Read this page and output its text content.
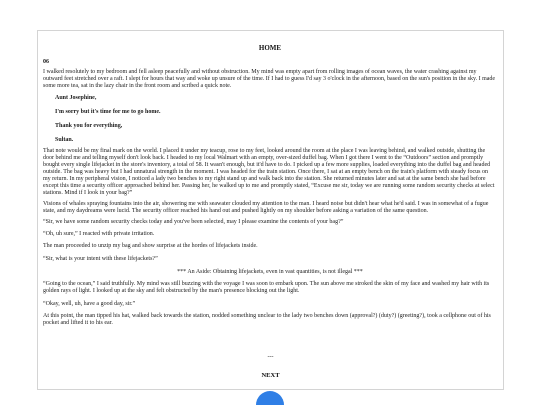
HOME
06

I walked resolutely to my bedroom and fell asleep peacefully and without obstruction. My mind was empty apart from rolling images of ocean waves, the water crashing against my outward feet stretched over a raft. I slept for hours that way and woke up unsure of the time. If I had to guess I'd say 3 o'clock in the afternoon, based on the sun's position in the sky. I made some more tea, sat in the lazy chair in the front room and scribed a quick note.

Aunt Josephine,

I'm sorry but it's time for me to go home.

Thank you for everything,

Sultan.

That note would be my final mark on the world. I placed it under my teacup, rose to my feet, looked around the room at the place I was leaving behind, and walked outside, shutting the door behind me and telling myself don't look back. I headed to my local Walmart with an empty, over-sized duffel bag. When I got there I went to the “Outdoors” section and promptly bought every single lifejacket in the store's inventory, a total of 58. It wasn't enough, but it'd have to do. I picked up a few more supplies, loaded everything into the duffel bag and headed outside. The bag was heavy but I had unnatural strength in the moment. I was headed for the train station. Once there, I sat at an empty bench on the train's platform with steady focus on my return. In my peripheral vision, I noticed a lady two benches to my right stand up and walk back into the station. She returned minutes later and sat at the same bench she had before except this time a security officer approached behind her. Passing her, he walked up to me and promptly stated, “Excuse me sir, today we are running some random security checks at select stations. Mind if I look in your bag?”

Visions of whales spraying fountains into the air, showering me with seawater clouded my attention to the man. I heard noise but didn't hear what he'd said. I was in somewhat of a fugue state, and my daydreams were lucid. The security officer reached his hand out and pushed lightly on my shoulder before asking a variation of the same question.

“Sir, we have some random security checks today and you've been selected, may I please examine the contents of your bag?”

“Oh, uh sure,” I reacted with private irritation.

The man proceeded to unzip my bag and show surprise at the hordes of lifejackets inside.

“Sir, what is your intent with these lifejackets?”

*** An Aside: Obtaining lifejackets, even in vast quantities, is not illegal ***

“Going to the ocean,” I said truthfully. My mind was still buzzing with the voyage I was soon to embark upon. The sun above me stroked the skin of my face and washed my hair with its golden rays of light. I looked up at the sky and felt obstructed by the man's presence blocking out the light.

“Okay, well, uh, have a good day, sir.”

At this point, the man tipped his hat, walked back towards the station, nodded something unclear to the lady two benches down (approval?) (duty?) (greeting?), took a cellphone out of his pocket and lifted it to his ear.

---
NEXT
